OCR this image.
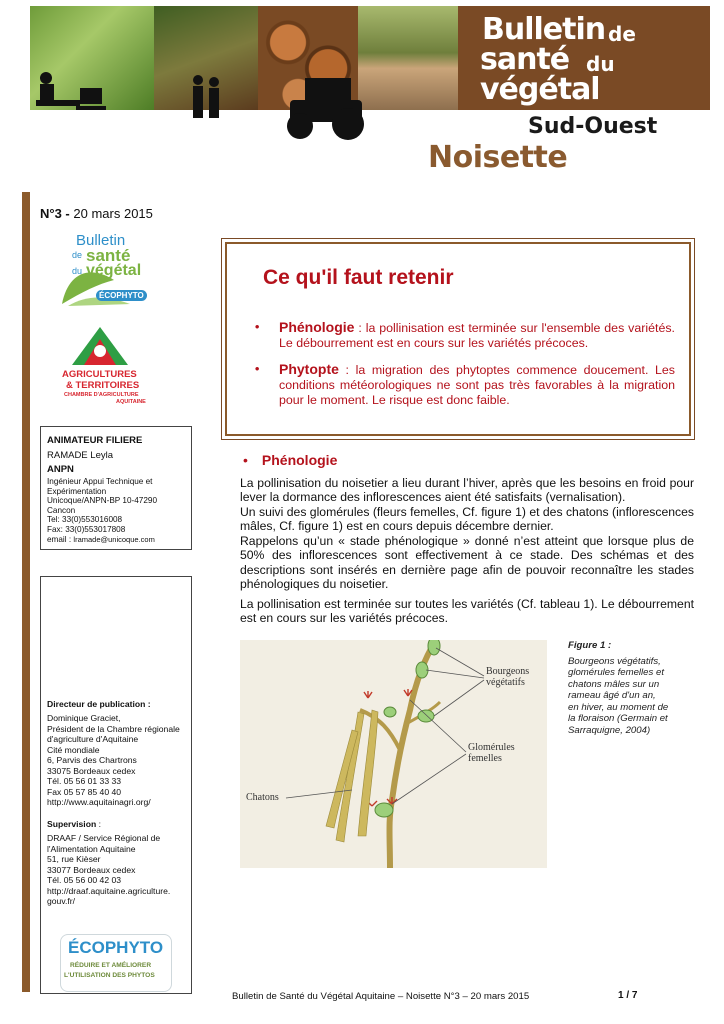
Bulletin de
santé du
végétal
Sud-Ouest
Noisette
N°3 - 20 mars 2015
Bulletin
de santé
du végétal
ÉCOPHYTO
AGRICULTURES
& TERRITOIRES
CHAMBRE D'AGRICULTURE
AQUITAINE
ANIMATEUR FILIERE
RAMADE Leyla
ANPN
Ingénieur Appui Technique et
Expérimentation
Unicoque/ANPN-BP 10-47290
Cancon
Tel: 33(0)553016008
Fax: 33(0)553017808
email : lramade@unicoque.com
Directeur de publication :
Dominique Graciet,
Président de la Chambre régionale
d'agriculture d'Aquitaine
Cité mondiale
6, Parvis des Chartrons
33075 Bordeaux cedex
Tél. 05 56 01 33 33
Fax 05 57 85 40 40
http://www.aquitainagri.org/
Supervision :
DRAAF / Service Régional de
l'Alimentation Aquitaine
51, rue Kièser
33077 Bordeaux cedex
Tél. 05 56 00 42 03
http://draaf.aquitaine.agriculture.
gouv.fr/
ÉCOPHYTO
RÉDUIRE ET AMÉLIORER
L'UTILISATION DES PHYTOS
Ce qu'il faut retenir
• Phénologie : la pollinisation est terminée sur l'ensemble des variétés. Le débourrement est en cours sur les variétés précoces.
• Phytopte : la migration des phytoptes commence doucement. Les conditions météorologiques ne sont pas très favorables à la migration pour le moment. Le risque est donc faible.
• Phénologie
La pollinisation du noisetier a lieu durant l’hiver, après que les besoins en froid pour lever la dormance des inflorescences aient été satisfaits (vernalisation).
Un suivi des glomérules (fleurs femelles, Cf. figure 1) et des chatons (inflorescences mâles, Cf. figure 1) est en cours depuis décembre dernier.
Rappelons qu’un « stade phénologique » donné n’est atteint que lorsque plus de 50% des inflorescences sont effectivement à ce stade. Des schémas et des descriptions sont insérés en dernière page afin de pouvoir reconnaître les stades phénologiques du noisetier.
La pollinisation est terminée sur toutes les variétés (Cf. tableau 1). Le débourrement est en cours sur les variétés précoces.
Bourgeons
végétatifs
Glomérules
femelles
Chatons
Figure 1 :
Bourgeons végétatifs,
glomérules femelles et
chatons mâles sur un
rameau âgé d'un an,
en hiver, au moment de
la floraison (Germain et
Sarraquigne, 2004)
Bulletin de Santé du Végétal Aquitaine – Noisette N°3 – 20 mars 2015	1 / 7
